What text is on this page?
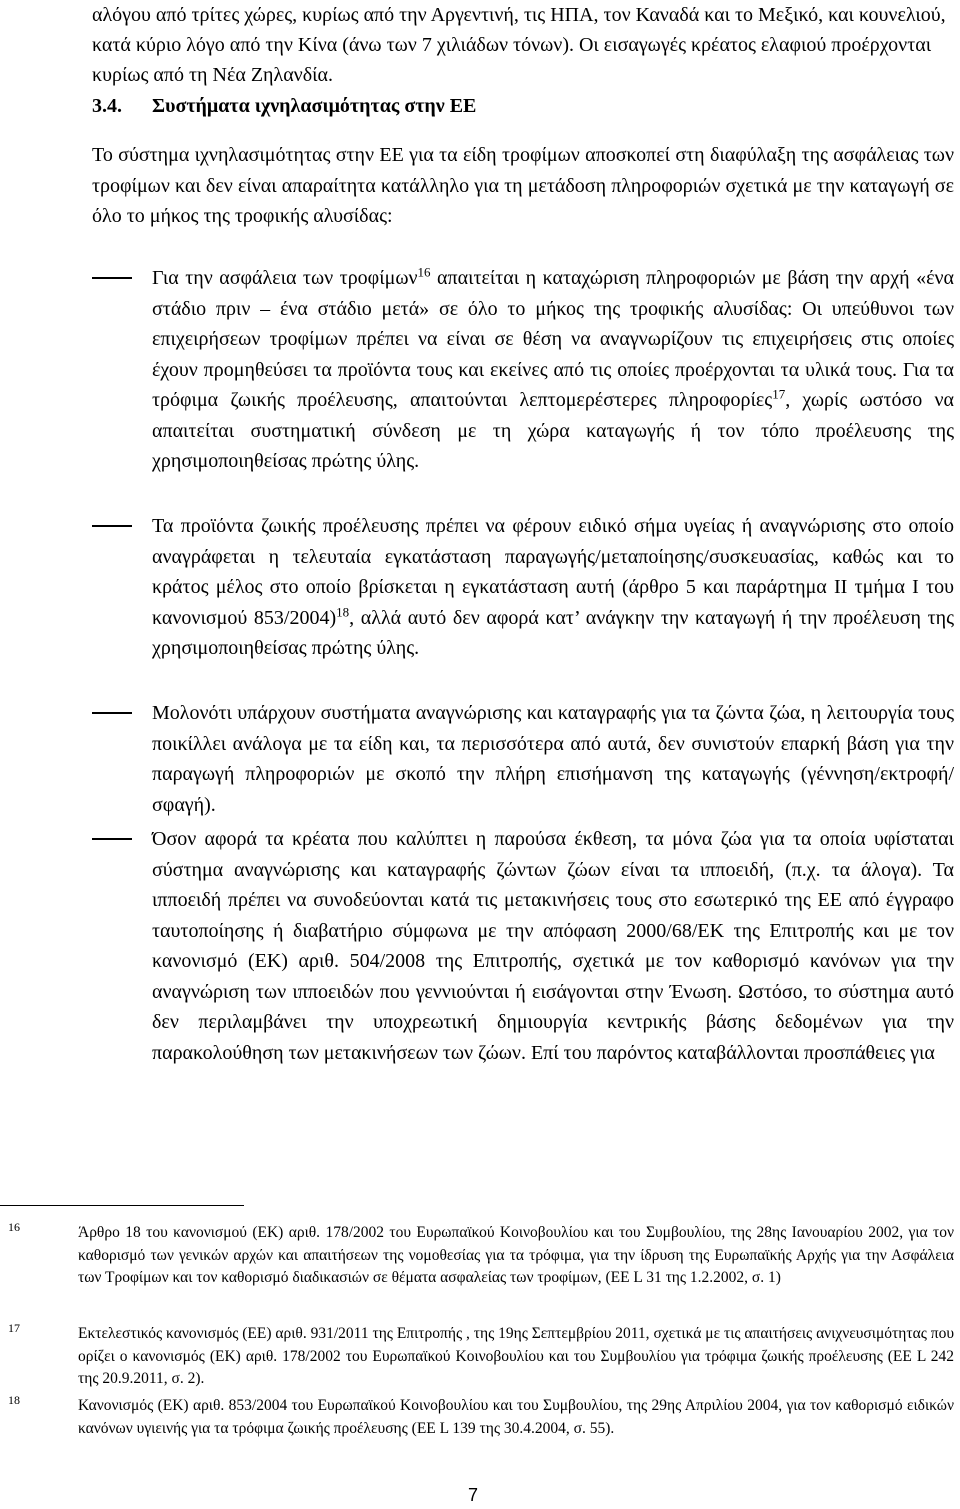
αλόγου από τρίτες χώρες, κυρίως από την Αργεντινή, τις ΗΠΑ, τον Καναδά και το Μεξικό, και κουνελιού, κατά κύριο λόγο από την Κίνα (άνω των 7 χιλιάδων τόνων). Οι εισαγωγές κρέατος ελαφιού προέρχονται κυρίως από τη Νέα Ζηλανδία.

3.4. Συστήματα ιχνηλασιμότητας στην ΕΕ

Το σύστημα ιχνηλασιμότητας στην ΕΕ για τα είδη τροφίμων αποσκοπεί στη διαφύλαξη της ασφάλειας των τροφίμων και δεν είναι απαραίτητα κατάλληλο για τη μετάδοση πληροφοριών σχετικά με την καταγωγή σε όλο το μήκος της τροφικής αλυσίδας:

Για την ασφάλεια των τροφίμων$^{16}$ απαιτείται η καταχώριση πληροφοριών με βάση την αρχή «ένα στάδιο πριν – ένα στάδιο μετά» σε όλο το μήκος της τροφικής αλυσίδας: Οι υπεύθυνοι των επιχειρήσεων τροφίμων πρέπει να είναι σε θέση να αναγνωρίζουν τις επιχειρήσεις στις οποίες έχουν προμηθεύσει τα προϊόντα τους και εκείνες από τις οποίες προέρχονται τα υλικά τους. Για τα τρόφιμα ζωικής προέλευσης, απαιτούνται λεπτομερέστερες πληροφορίες$^{17}$, χωρίς ωστόσο να απαιτείται συστηματική σύνδεση με τη χώρα καταγωγής ή τον τόπο προέλευσης της χρησιμοποιηθείσας πρώτης ύλης.
Τα προϊόντα ζωικής προέλευσης πρέπει να φέρουν ειδικό σήμα υγείας ή αναγνώρισης στο οποίο αναγράφεται η τελευταία εγκατάσταση παραγωγής/μεταποίησης/συσκευασίας, καθώς και το κράτος μέλος στο οποίο βρίσκεται η εγκατάσταση αυτή (άρθρο 5 και παράρτημα ΙΙ τμήμα Ι του κανονισμού 853/2004)$^{18}$, αλλά αυτό δεν αφορά κατ’ ανάγκην την καταγωγή ή την προέλευση της χρησιμοποιηθείσας πρώτης ύλης.
Μολονότι υπάρχουν συστήματα αναγνώρισης και καταγραφής για τα ζώντα ζώα, η λειτουργία τους ποικίλλει ανάλογα με τα είδη και, τα περισσότερα από αυτά, δεν συνιστούν επαρκή βάση για την παραγωγή πληροφοριών με σκοπό την πλήρη επισήμανση της καταγωγής (γέννηση/εκτροφή/σφαγή).
Όσον αφορά τα κρέατα που καλύπτει η παρούσα έκθεση, τα μόνα ζώα για τα οποία υφίσταται σύστημα αναγνώρισης και καταγραφής ζώντων ζώων είναι τα ιπποειδή, (π.χ. τα άλογα). Τα ιπποειδή πρέπει να συνοδεύονται κατά τις μετακινήσεις τους στο εσωτερικό της ΕΕ από έγγραφο ταυτοποίησης ή διαβατήριο σύμφωνα με την απόφαση 2000/68/ΕΚ της Επιτροπής και με τον κανονισμό (ΕΚ) αριθ. 504/2008 της Επιτροπής, σχετικά με τον καθορισμό κανόνων για την αναγνώριση των ιπποειδών που γεννιούνται ή εισάγονται στην Ένωση. Ωστόσο, το σύστημα αυτό δεν περιλαμβάνει την υποχρεωτική δημιουργία κεντρικής βάσης δεδομένων για την παρακολούθηση των μετακινήσεων των ζώων. Επί του παρόντος καταβάλλονται προσπάθειες για
16	Άρθρο 18 του κανονισμού (ΕΚ) αριθ. 178/2002 του Ευρωπαϊκού Κοινοβουλίου και του Συμβουλίου, της 28ης Ιανουαρίου 2002, για τον καθορισμό των γενικών αρχών και απαιτήσεων της νομοθεσίας για τα τρόφιμα, για την ίδρυση της Ευρωπαϊκής Αρχής για την Ασφάλεια των Τροφίμων και τον καθορισμό διαδικασιών σε θέματα ασφαλείας των τροφίμων, (ΕΕ L 31 της 1.2.2002, σ. 1)
17	Εκτελεστικός κανονισμός (ΕΕ) αριθ. 931/2011 της Επιτροπής , της 19ης Σεπτεμβρίου 2011, σχετικά με τις απαιτήσεις ανιχνευσιμότητας που ορίζει ο κανονισμός (ΕΚ) αριθ. 178/2002 του Ευρωπαϊκού Κοινοβουλίου και του Συμβουλίου για τρόφιμα ζωικής προέλευσης (ΕΕ L 242 της 20.9.2011, σ. 2).
18	Κανονισμός (ΕΚ) αριθ. 853/2004 του Ευρωπαϊκού Κοινοβουλίου και του Συμβουλίου, της 29ης Απριλίου 2004, για τον καθορισμό ειδικών κανόνων υγιεινής για τα τρόφιμα ζωικής προέλευσης (ΕΕ L 139 της 30.4.2004, σ. 55).
7
